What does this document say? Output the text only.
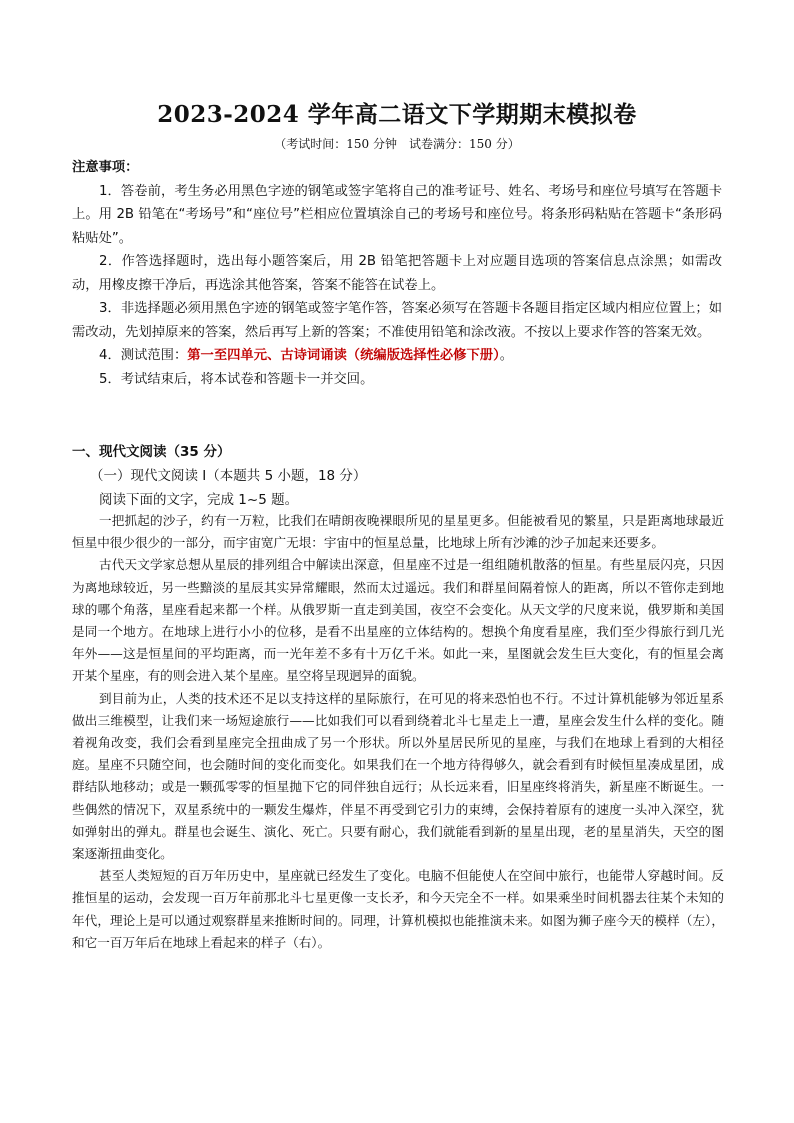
2023-2024 学年高二语文下学期期末模拟卷
（考试时间：150 分钟　试卷满分：150 分）
注意事项：

1．答卷前，考生务必用黑色字迹的钢笔或签字笔将自己的准考证号、姓名、考场号和座位号填写在答题卡上。用 2B 铅笔在“考场号”和“座位号”栏相应位置填涂自己的考场号和座位号。将条形码粘贴在答题卡“条形码粘贴处”。

2．作答选择题时，选出每小题答案后，用 2B 铅笔把答题卡上对应题目选项的答案信息点涂黑；如需改动，用橡皮擦干净后，再选涂其他答案，答案不能答在试卷上。

3．非选择题必须用黑色字迹的钢笔或签字笔作答，答案必须写在答题卡各题目指定区域内相应位置上；如需改动，先划掉原来的答案，然后再写上新的答案；不准使用铅笔和涂改液。不按以上要求作答的答案无效。

4．测试范围：第一至四单元、古诗词诵读（统编版选择性必修下册）。

5．考试结束后，将本试卷和答题卡一并交回。

一、现代文阅读（35 分）
（一）现代文阅读 I（本题共 5 小题，18 分）
阅读下面的文字，完成 1~5 题。

一把抓起的沙子，约有一万粒，比我们在晴朗夜晚裸眼所见的星星更多。但能被看见的繁星，只是距离地球最近恒星中很少很少的一部分，而宇宙宽广无垠：宇宙中的恒星总量，比地球上所有沙滩的沙子加起来还要多。

古代天文学家总想从星辰的排列组合中解读出深意，但星座不过是一组组随机散落的恒星。有些星辰闪亮，只因为离地球较近，另一些黯淡的星辰其实异常耀眼，然而太过遥远。我们和群星间隔着惊人的距离，所以不管你走到地球的哪个角落，星座看起来都一个样。从俄罗斯一直走到美国，夜空不会变化。从天文学的尺度来说，俄罗斯和美国是同一个地方。在地球上进行小小的位移，是看不出星座的立体结构的。想换个角度看星座，我们至少得旅行到几光年外——这是恒星间的平均距离，而一光年差不多有十万亿千米。如此一来，星图就会发生巨大变化，有的恒星会离开某个星座，有的则会进入某个星座。星空将呈现迥异的面貌。

到目前为止，人类的技术还不足以支持这样的星际旅行，在可见的将来恐怕也不行。不过计算机能够为邻近星系做出三维模型，让我们来一场短途旅行——比如我们可以看到绕着北斗七星走上一遭，星座会发生什么样的变化。随着视角改变，我们会看到星座完全扭曲成了另一个形状。所以外星居民所见的星座，与我们在地球上看到的大相径庭。星座不只随空间，也会随时间的变化而变化。如果我们在一个地方待得够久，就会看到有时候恒星凑成星团，成群结队地移动；或是一颗孤零零的恒星抛下它的同伴独自远行；从长远来看，旧星座终将消失，新星座不断诞生。一些偶然的情况下，双星系统中的一颗发生爆炸，伴星不再受到它引力的束缚，会保持着原有的速度一头冲入深空，犹如弹射出的弹丸。群星也会诞生、演化、死亡。只要有耐心，我们就能看到新的星星出现，老的星星消失，天空的图案逐渐扭曲变化。

甚至人类短短的百万年历史中，星座就已经发生了变化。电脑不但能使人在空间中旅行，也能带人穿越时间。反推恒星的运动，会发现一百万年前那北斗七星更像一支长矛，和今天完全不一样。如果乘坐时间机器去往某个未知的年代，理论上是可以通过观察群星来推断时间的。同理，计算机模拟也能推演未来。如图为狮子座今天的模样（左），和它一百万年后在地球上看起来的样子（右）。
